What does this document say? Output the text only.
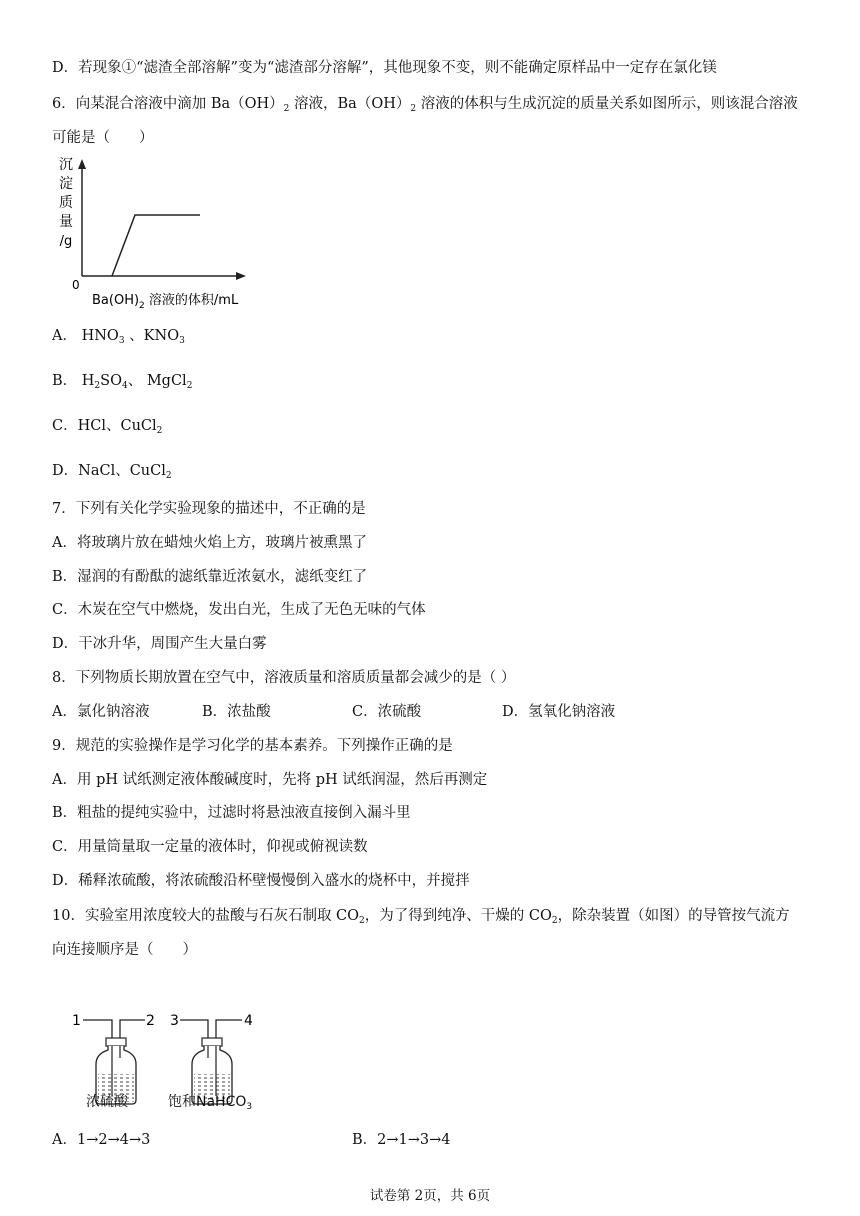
D．若现象①“滤渣全部溶解”变为“滤渣部分溶解”，其他现象不变，则不能确定原样品中一定存在氯化镁
6．向某混合溶液中滴加 $Ba(OH)_2$ 溶液，$Ba(OH)_2$ 溶液的体积与生成沉淀的质量关系如图所示，则该混合溶液
可能是（　　）
沉
淀
质
量
/g
0
$Ba(OH)_2$ 溶液的体积/mL
A． $HNO_3$ 、$KNO_3$
B． $H_2SO_4$、 MgCl$_2$
C．HCl、CuCl$_2$
D．NaCl、CuCl$_2$
7．下列有关化学实验现象的描述中，不正确的是
A．将玻璃片放在蜡烛火焰上方，玻璃片被熏黑了
B．湿润的有酚酞的滤纸靠近浓氨水，滤纸变红了
C．木炭在空气中燃烧，发出白光，生成了无色无味的气体
D．干冰升华，周围产生大量白雾
8．下列物质长期放置在空气中，溶液质量和溶质质量都会减少的是（ ）
A．氯化钠溶液	B．浓盐酸	C．浓硫酸	D．氢氧化钠溶液
9．规范的实验操作是学习化学的基本素养。下列操作正确的是
A．用 pH 试纸测定液体酸碱度时，先将 pH 试纸润湿，然后再测定
B．粗盐的提纯实验中，过滤时将悬浊液直接倒入漏斗里
C．用量筒量取一定量的液体时，仰视或俯视读数
D．稀释浓硫酸，将浓硫酸沿杯壁慢慢倒入盛水的烧杯中，并搅拌
10．实验室用浓度较大的盐酸与石灰石制取 $CO_2$，为了得到纯净、干燥的 $CO_2$，除杂装置（如图）的导管按气流方
向连接顺序是（　　）
1	2 3	4
浓硫酸	饱和NaHCO$_3$
A．1→2→4→3	B．2→1→3→4
试卷第 2页，共 6页
